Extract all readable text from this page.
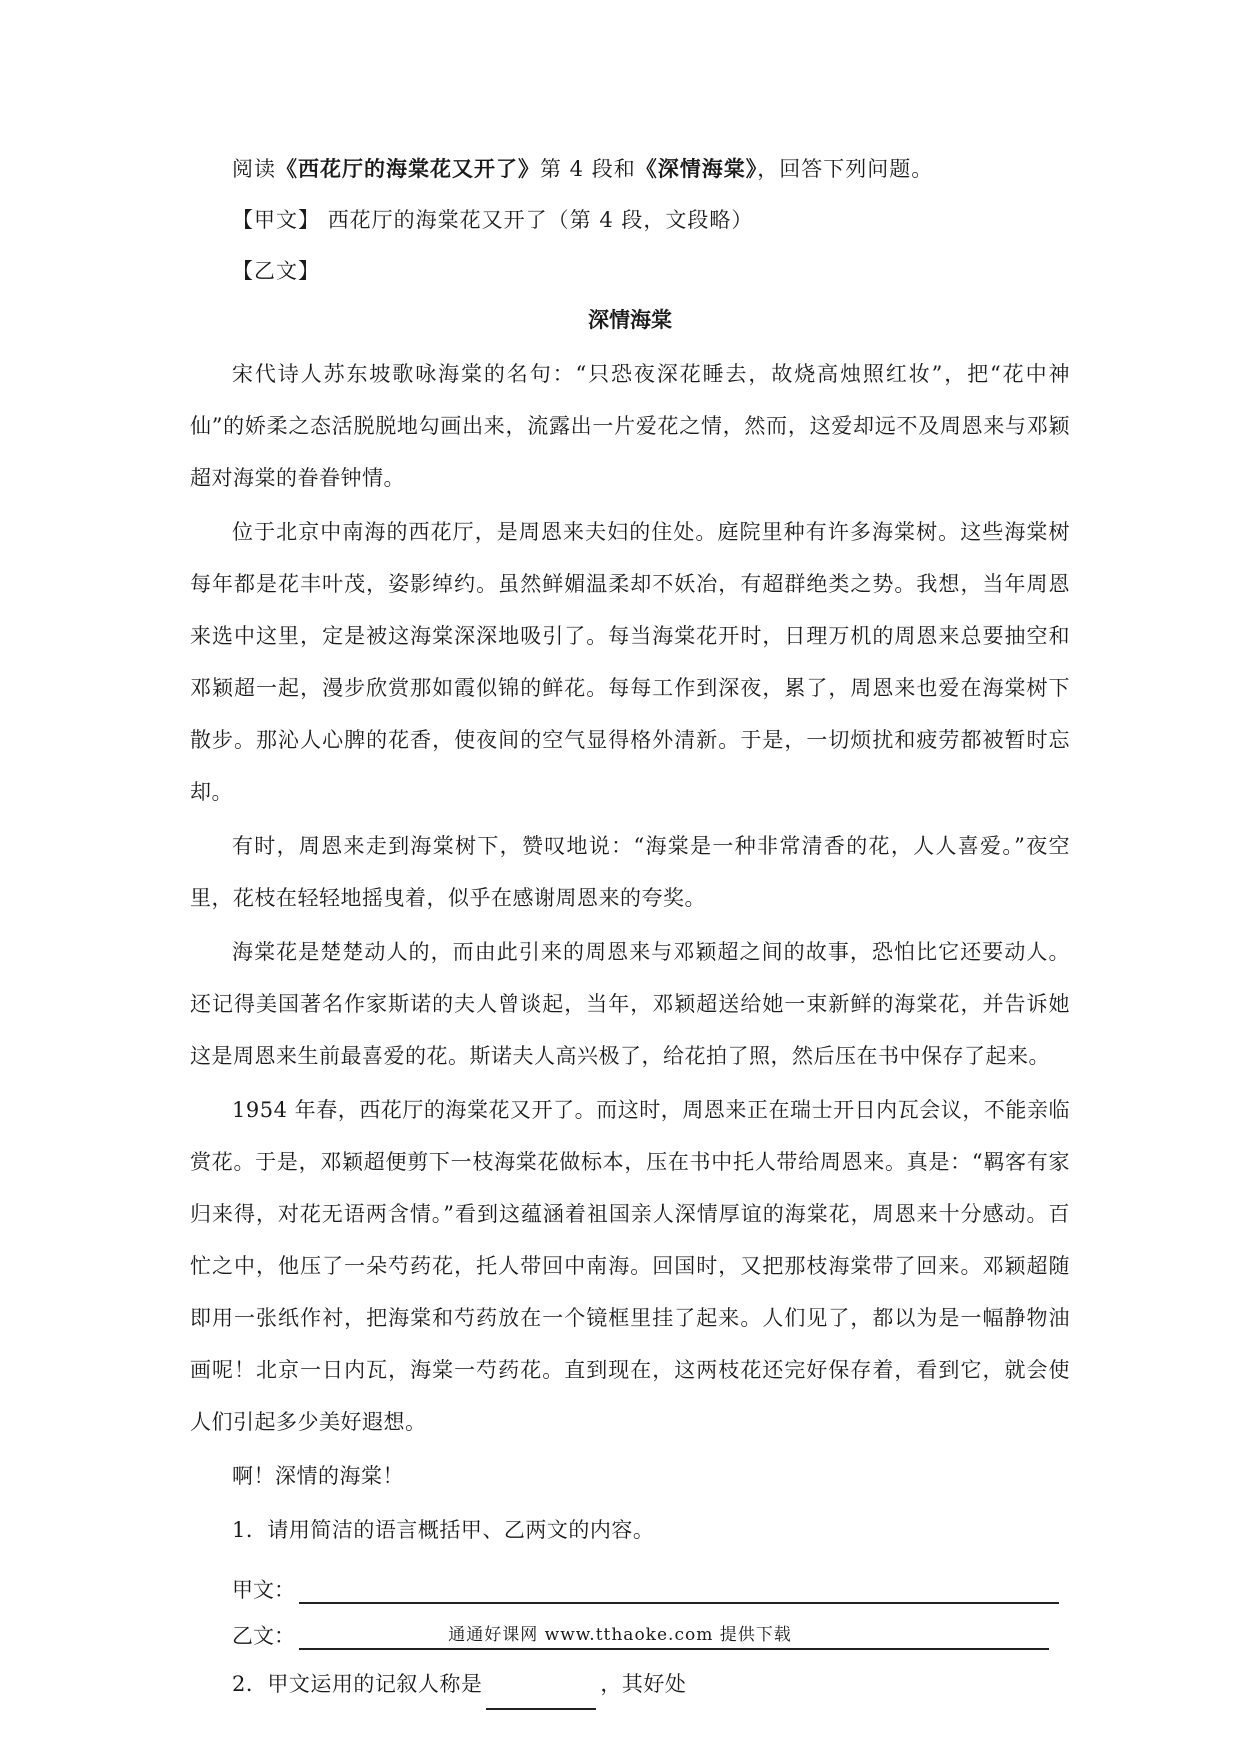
阅读《西花厅的海棠花又开了》第 4 段和《深情海棠》，回答下列问题。

【甲文】 西花厅的海棠花又开了（第 4 段，文段略）

【乙文】

深情海棠

宋代诗人苏东坡歌咏海棠的名句：“只恐夜深花睡去，故烧高烛照红妆”，把“花中神仙”的娇柔之态活脱脱地勾画出来，流露出一片爱花之情，然而，这爱却远不及周恩来与邓颖超对海棠的眷眷钟情。

位于北京中南海的西花厅，是周恩来夫妇的住处。庭院里种有许多海棠树。这些海棠树每年都是花丰叶茂，姿影绰约。虽然鲜媚温柔却不妖冶，有超群绝类之势。我想，当年周恩来选中这里，定是被这海棠深深地吸引了。每当海棠花开时，日理万机的周恩来总要抽空和邓颖超一起，漫步欣赏那如霞似锦的鲜花。每每工作到深夜，累了，周恩来也爱在海棠树下散步。那沁人心脾的花香，使夜间的空气显得格外清新。于是，一切烦扰和疲劳都被暂时忘却。

有时，周恩来走到海棠树下，赞叹地说：“海棠是一种非常清香的花，人人喜爱。”夜空里，花枝在轻轻地摇曳着，似乎在感谢周恩来的夸奖。

海棠花是楚楚动人的，而由此引来的周恩来与邓颖超之间的故事，恐怕比它还要动人。还记得美国著名作家斯诺的夫人曾谈起，当年，邓颖超送给她一束新鲜的海棠花，并告诉她这是周恩来生前最喜爱的花。斯诺夫人高兴极了，给花拍了照，然后压在书中保存了起来。

1954 年春，西花厅的海棠花又开了。而这时，周恩来正在瑞士开日内瓦会议，不能亲临赏花。于是，邓颖超便剪下一枝海棠花做标本，压在书中托人带给周恩来。真是：“羁客有家归来得，对花无语两含情。”看到这蕴涵着祖国亲人深情厚谊的海棠花，周恩来十分感动。百忙之中，他压了一朵芍药花，托人带回中南海。回国时，又把那枝海棠带了回来。邓颖超随即用一张纸作衬，把海棠和芍药放在一个镜框里挂了起来。人们见了，都以为是一幅静物油画呢！北京一日内瓦，海棠一芍药花。直到现在，这两枝花还完好保存着，看到它，就会使人们引起多少美好遐想。

啊！深情的海棠！

1．请用简洁的语言概括甲、乙两文的内容。

甲文：
乙文：

2．甲文运用的记叙人称是	，其好处

通通好课网 www.tthaoke.com 提供下载
